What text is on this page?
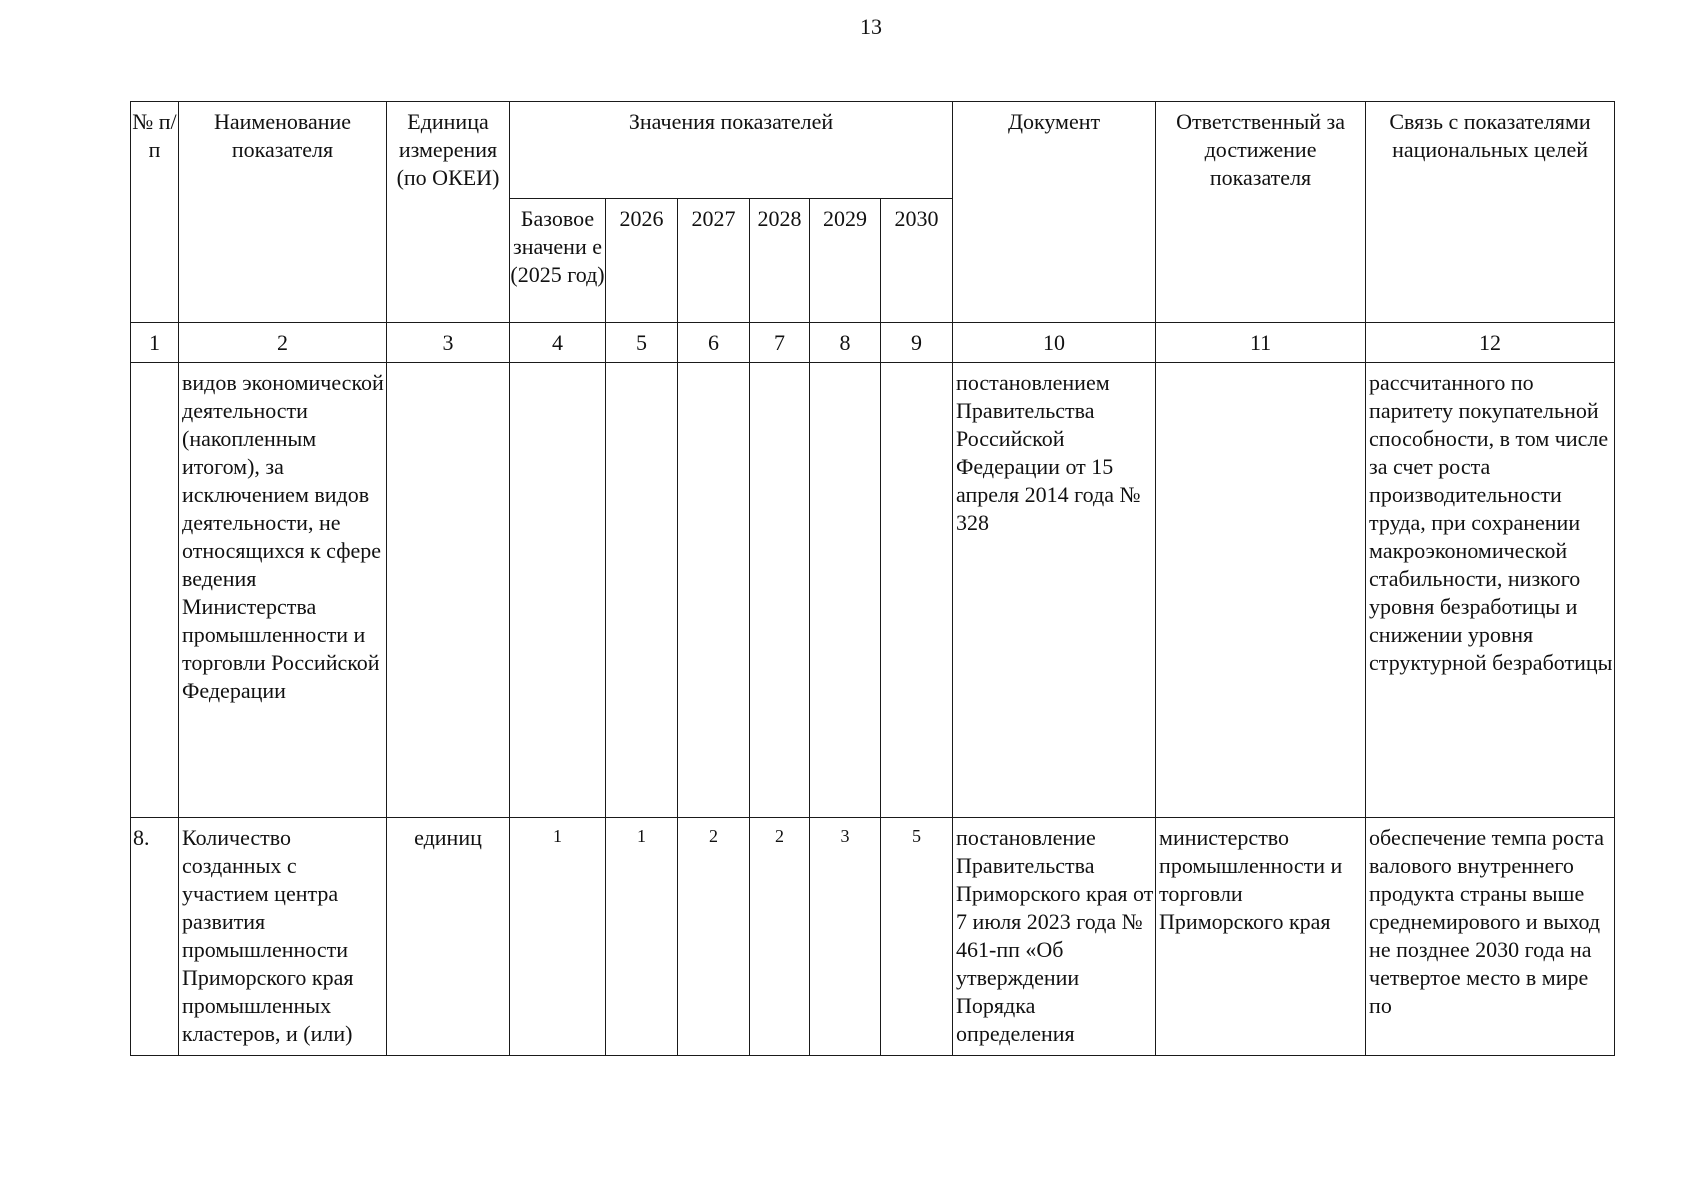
13
№ п/п	Наименование показателя	Единица измерения (по ОКЕИ)	Значения показателей						Документ	Ответственный за достижение показателя	Связь с показателями национальных целей
			Базовое значени е (2025 год)	2026	2027	2028	2029	2030			
1	2	3	4	5	6	7	8	9	10	11	12
	видов экономической деятельности (накопленным итогом), за исключением видов деятельности, не относящихся к сфере ведения Министерства промышленности и торговли Российской Федерации								постановлением Правительства Российской Федерации от 15 апреля 2014 года № 328		рассчитанного по паритету покупательной способности, в том числе за счет роста производительности труда, при сохранении макроэкономической стабильности, низкого уровня безработицы и снижении уровня структурной безработицы
8.	Количество созданных с участием центра развития промышленности Приморского края промышленных кластеров, и (или)	единиц	1	1	2	2	3	5	постановление Правительства Приморского края от 7 июля 2023 года № 461-пп «Об утверждении Порядка определения	министерство промышленности и торговли Приморского края	обеспечение темпа роста валового внутреннего продукта страны выше среднемирового и выход не позднее 2030 года на четвертое место в мире по
